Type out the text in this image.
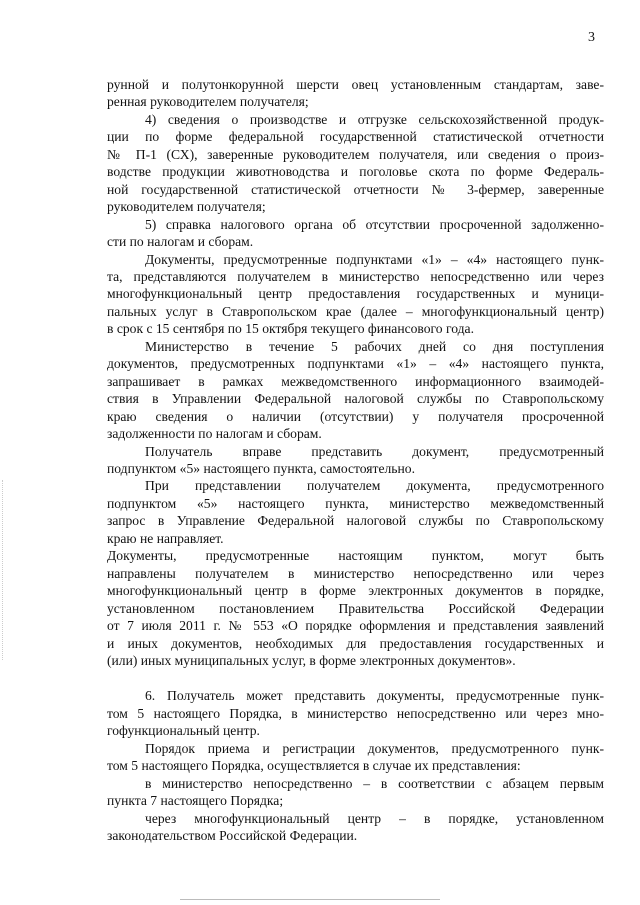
3

рунной и полутонкорунной шерсти овец установленным стандартам, заве-
ренная руководителем получателя;

4) сведения о производстве и отгрузке сельскохозяйственной продук-
ции по форме федеральной государственной статистической отчетности
№ П-1 (СХ), заверенные руководителем получателя, или сведения о произ-
водстве продукции животноводства и поголовье скота по форме Федераль-
ной государственной статистической отчетности № 3-фермер, заверенные
руководителем получателя;

5) справка налогового органа об отсутствии просроченной задолженно-
сти по налогам и сборам.

Документы, предусмотренные подпунктами «1» – «4» настоящего пунк-
та, представляются получателем в министерство непосредственно или через
многофункциональный центр предоставления государственных и муници-
пальных услуг в Ставропольском крае (далее – многофункциональный центр)
в срок с 15 сентября по 15 октября текущего финансового года.

Министерство в течение 5 рабочих дней со дня поступления
документов, предусмотренных подпунктами «1» – «4» настоящего пункта,
запрашивает в рамках межведомственного информационного взаимодей-
ствия в Управлении Федеральной налоговой службы по Ставропольскому
краю сведения о наличии (отсутствии) у получателя просроченной
задолженности по налогам и сборам.

Получатель вправе представить документ, предусмотренный
подпунктом «5» настоящего пункта, самостоятельно.

При представлении получателем документа, предусмотренного
подпунктом «5» настоящего пункта, министерство межведомственный
запрос в Управление Федеральной налоговой службы по Ставропольскому
краю не направляет.

Документы, предусмотренные настоящим пунктом, могут быть
направлены получателем в министерство непосредственно или через
многофункциональный центр в форме электронных документов в порядке,
установленном постановлением Правительства Российской Федерации
от 7 июля 2011 г. № 553 «О порядке оформления и представления заявлений
и иных документов, необходимых для предоставления государственных и
(или) иных муниципальных услуг, в форме электронных документов».

6. Получатель может представить документы, предусмотренные пунк-
том 5 настоящего Порядка, в министерство непосредственно или через мно-
гофункциональный центр.

Порядок приема и регистрации документов, предусмотренного пунк-
том 5 настоящего Порядка, осуществляется в случае их представления:

в министерство непосредственно – в соответствии с абзацем первым
пункта 7 настоящего Порядка;

через многофункциональный центр – в порядке, установленном
законодательством Российской Федерации.
